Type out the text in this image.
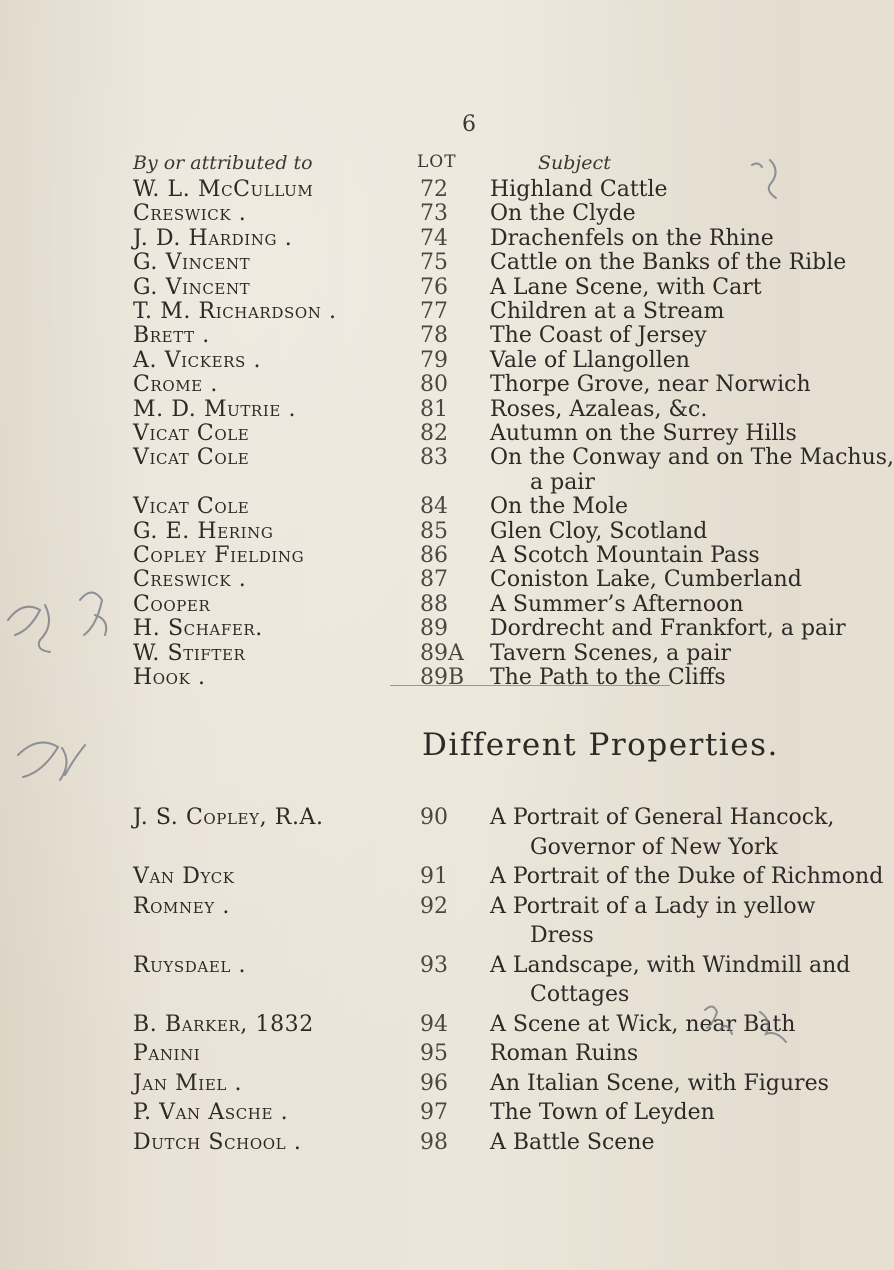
6
By or attributed to	LOT	Subject
W. L. McCullum	72 Highland Cattle
Creswick .	73 On the Clyde
J. D. Harding .	74 Drachenfels on the Rhine
G. Vincent	75 Cattle on the Banks of the Rible
G. Vincent	76 A Lane Scene, with Cart
T. M. Richardson .	77 Children at a Stream
Brett .	78 The Coast of Jersey
A. Vickers .	79 Vale of Llangollen
Crome .	80 Thorpe Grove, near Norwich
M. D. Mutrie .	81 Roses, Azaleas, &c.
Vicat Cole	82 Autumn on the Surrey Hills
Vicat Cole	83 On the Conway and on The Machus,
a pair
Vicat Cole	84 On the Mole
G. E. Hering	85 Glen Cloy, Scotland
Copley Fielding	86 A Scotch Mountain Pass
Creswick .	87 Coniston Lake, Cumberland
Cooper	88 A Summer’s Afternoon
H. Schafer.	89 Dordrecht and Frankfort, a pair
W. Stifter	89A Tavern Scenes, a pair
Hook .	89B The Path to the Cliffs
Different Properties.
J. S. Copley, R.A.	90 A Portrait of General Hancock,
Governor of New York
Van Dyck	91 A Portrait of the Duke of Richmond
Romney .	92 A Portrait of a Lady in yellow
Dress
Ruysdael .	93 A Landscape, with Windmill and
Cottages
B. Barker, 1832	94 A Scene at Wick, near Bath
Panini	95 Roman Ruins
Jan Miel .	96 An Italian Scene, with Figures
P. Van Asche .	97 The Town of Leyden
Dutch School .	98 A Battle Scene
